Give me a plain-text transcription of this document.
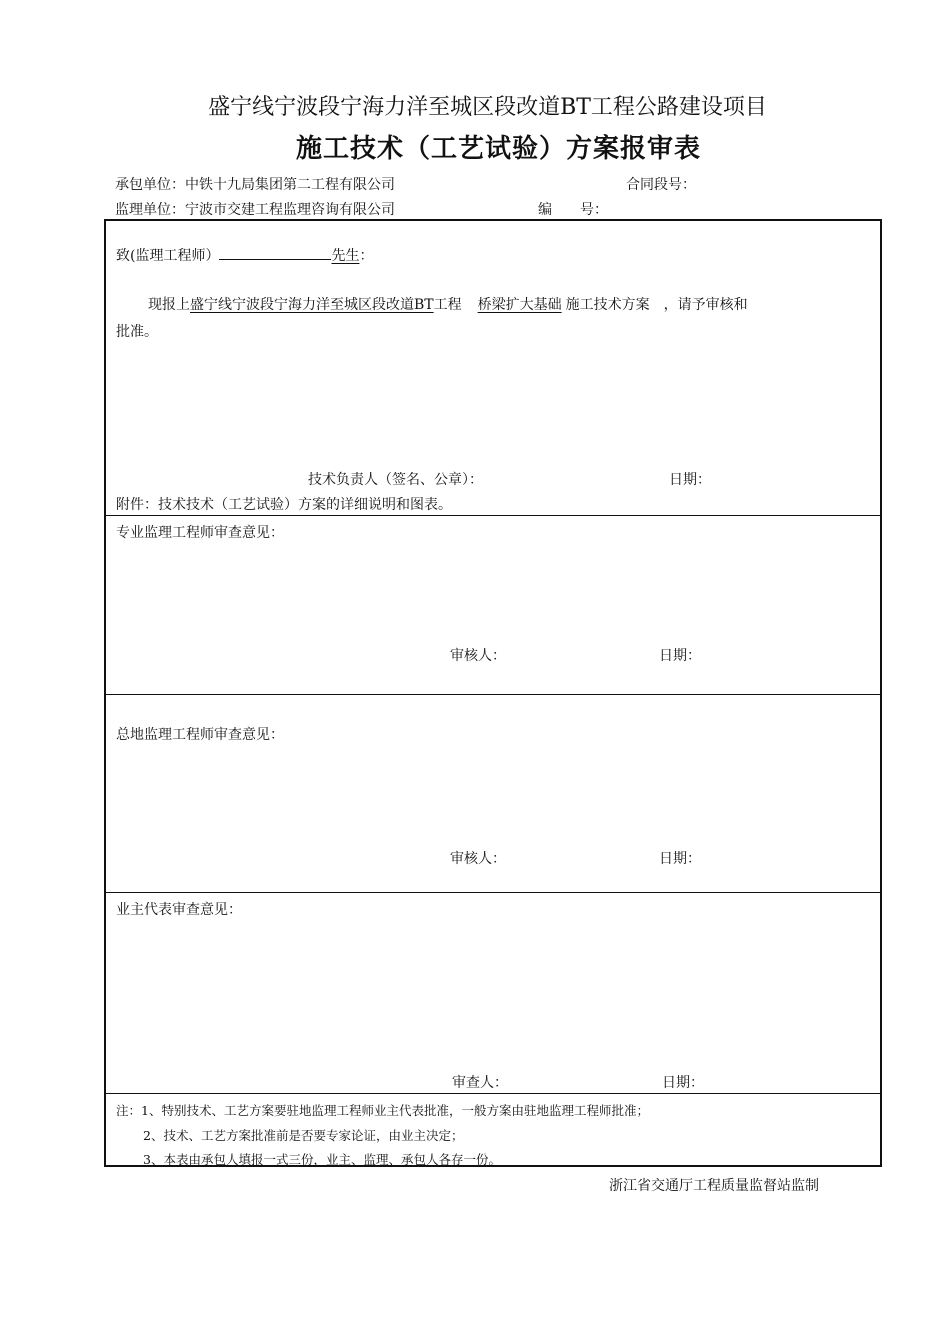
盛宁线宁波段宁海力洋至城区段改道BT工程公路建设项目
施工技术（工艺试验）方案报审表
承包单位：中铁十九局集团第二工程有限公司	合同段号：
监理单位：宁波市交建工程监理咨询有限公司	编　　号：
致(监理工程师）	先生：
现报上盛宁线宁波段宁海力洋至城区段改道BT工程 桥梁扩大基础 施工技术方案　，请予审核和
批准。
技术负责人（签名、公章）：	日期：
附件：技术技术（工艺试验）方案的详细说明和图表。
专业监理工程师审查意见：
审核人：	日期：
总地监理工程师审查意见：
审核人：	日期：
业主代表审查意见：
审查人：	日期：
注：1、特别技术、工艺方案要驻地监理工程师业主代表批准，一般方案由驻地监理工程师批准；
2、技术、工艺方案批准前是否要专家论证，由业主决定；
3、本表由承包人填报一式三份，业主、监理、承包人各存一份。
浙江省交通厅工程质量监督站监制
